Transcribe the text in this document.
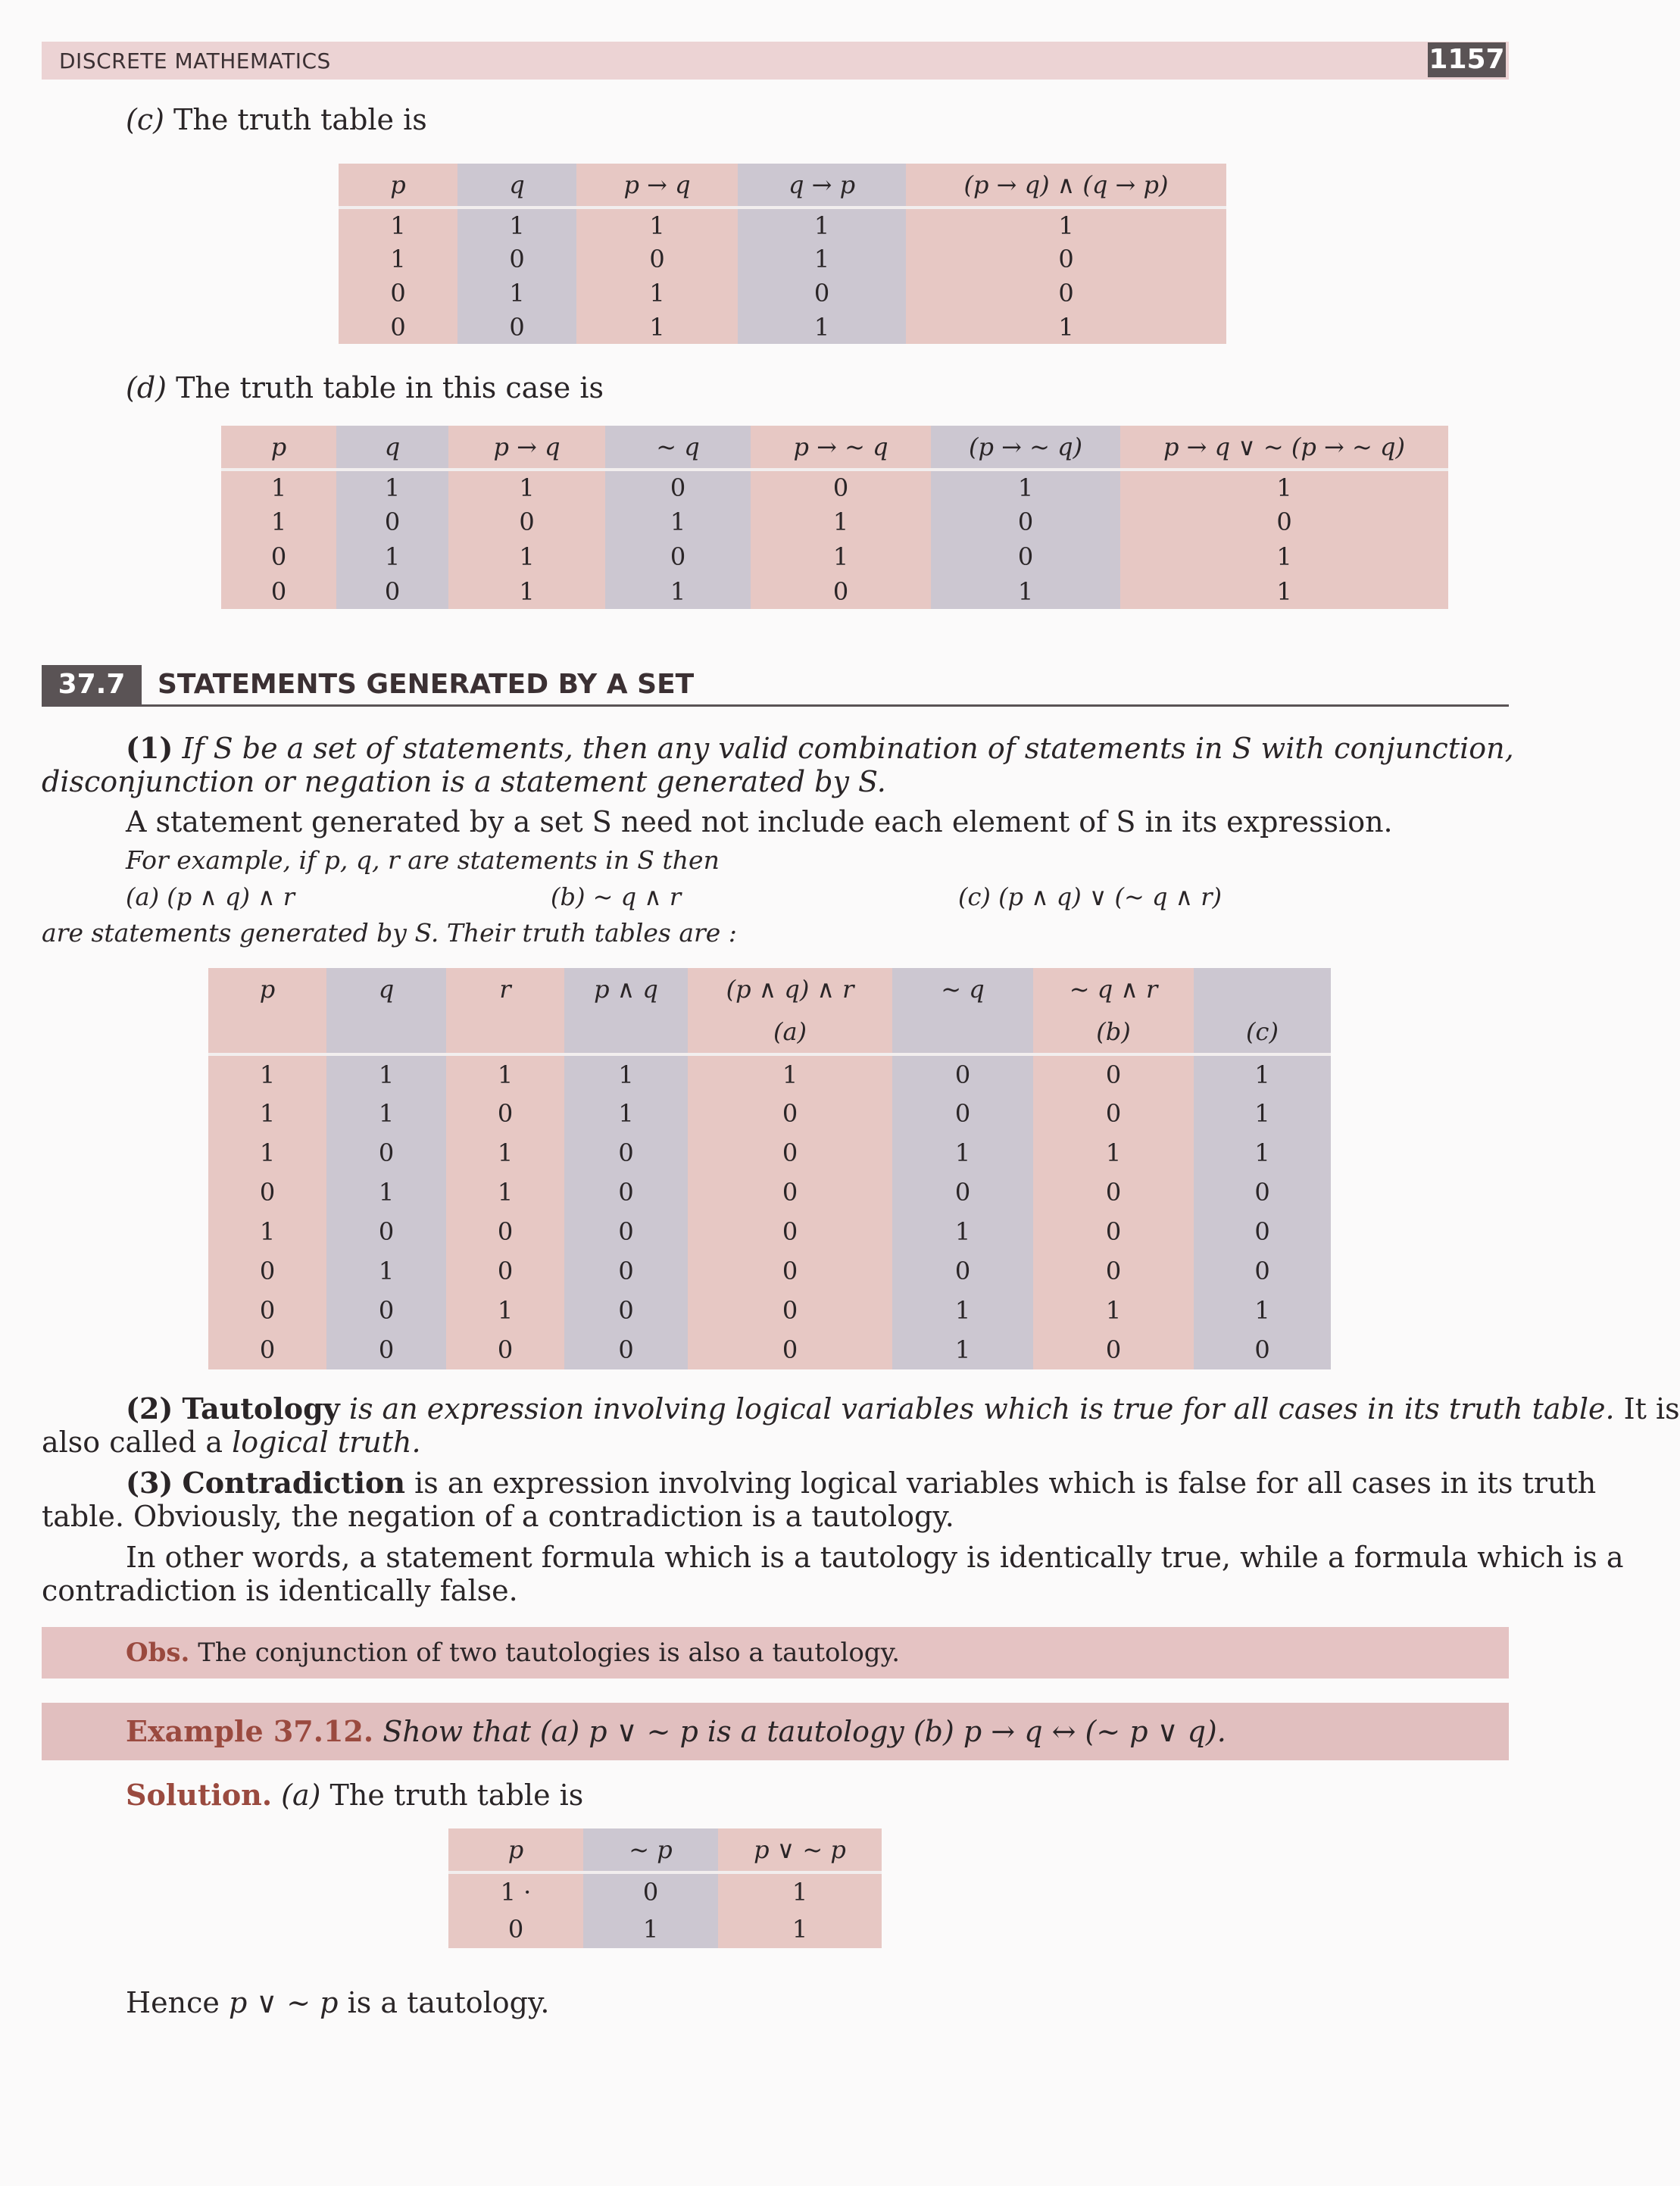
DISCRETE MATHEMATICS	1157
(c) The truth table is
p	q	p → q	q → p	(p → q) ∧ (q → p)
1	1	1	1	1
1	0	0	1	0
0	1	1	0	0
0	0	1	1	1
(d) The truth table in this case is
p	q	p → q	~ q	p → ~ q	(p → ~ q)	p → q ∨ ~ (p → ~ q)
1	1	1	0	0	1	1
1	0	0	1	1	0	0
0	1	1	0	1	0	1
0	0	1	1	0	1	1
37.7	STATEMENTS GENERATED BY A SET
(1) If S be a set of statements, then any valid combination of statements in S with conjunction,
disconjunction or negation is a statement generated by S.
A statement generated by a set S need not include each element of S in its expression.
For example, if p, q, r are statements in S then
(a) (p ∧ q) ∧ r	(b) ~ q ∧ r	(c) (p ∧ q) ∨ (~ q ∧ r)
are statements generated by S. Their truth tables are :
p	q	r	p ∧ q	(p ∧ q) ∧ r	~ q	~ q ∧ r	
				(a)		(b)	(c)
1	1	1	1	1	0	0	1
1	1	0	1	0	0	0	1
1	0	1	0	0	1	1	1
0	1	1	0	0	0	0	0
1	0	0	0	0	1	0	0
0	1	0	0	0	0	0	0
0	0	1	0	0	1	1	1
0	0	0	0	0	1	0	0
(2) Tautology is an expression involving logical variables which is true for all cases in its truth table. It is
also called a logical truth.
(3) Contradiction is an expression involving logical variables which is false for all cases in its truth
table. Obviously, the negation of a contradiction is a tautology.
In other words, a statement formula which is a tautology is identically true, while a formula which is a
contradiction is identically false.
Obs. The conjunction of two tautologies is also a tautology.
Example 37.12. Show that (a) p ∨ ~ p is a tautology (b) p → q ↔ (~ p ∨ q).
Solution. (a) The truth table is
p	~ p	p ∨ ~ p
1 ·	0	1
0	1	1
Hence p ∨ ~ p is a tautology.
